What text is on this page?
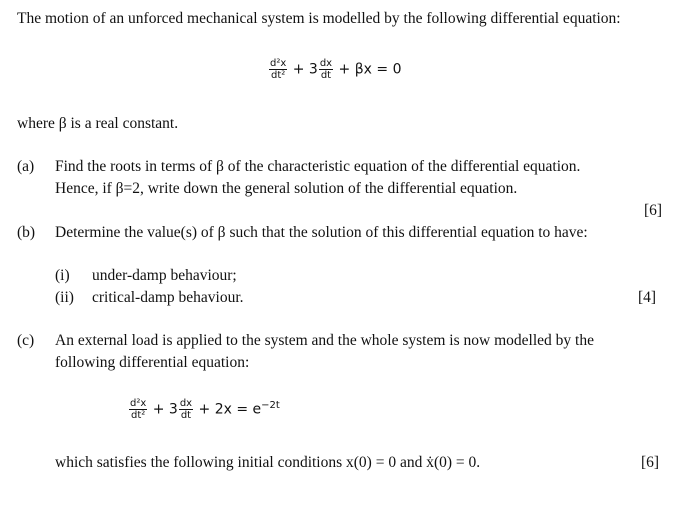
The motion of an unforced mechanical system is modelled by the following differential equation:
$\frac{\text{d²x}}{\text{dt²}} + 3 \frac{dx}{dt} + \beta x = 0$
where β is a real constant.
(a) Find the roots in terms of β of the characteristic equation of the differential equation.
Hence, if β=2, write down the general solution of the differential equation.
[6]
(b) Determine the value(s) of β such that the solution of this differential equation to have:
(i) under-damp behaviour;
(ii) critical-damp behaviour.	[4]
(c) An external load is applied to the system and the whole system is now modelled by the
following differential equation:
$\frac{\text{d²x}}{\text{dt²}} + 3 \frac{dx}{dt} + 2x = e^{-2t}$
which satisfies the following initial conditions x(0) = 0 and ẋ(0) = 0.	[6]
